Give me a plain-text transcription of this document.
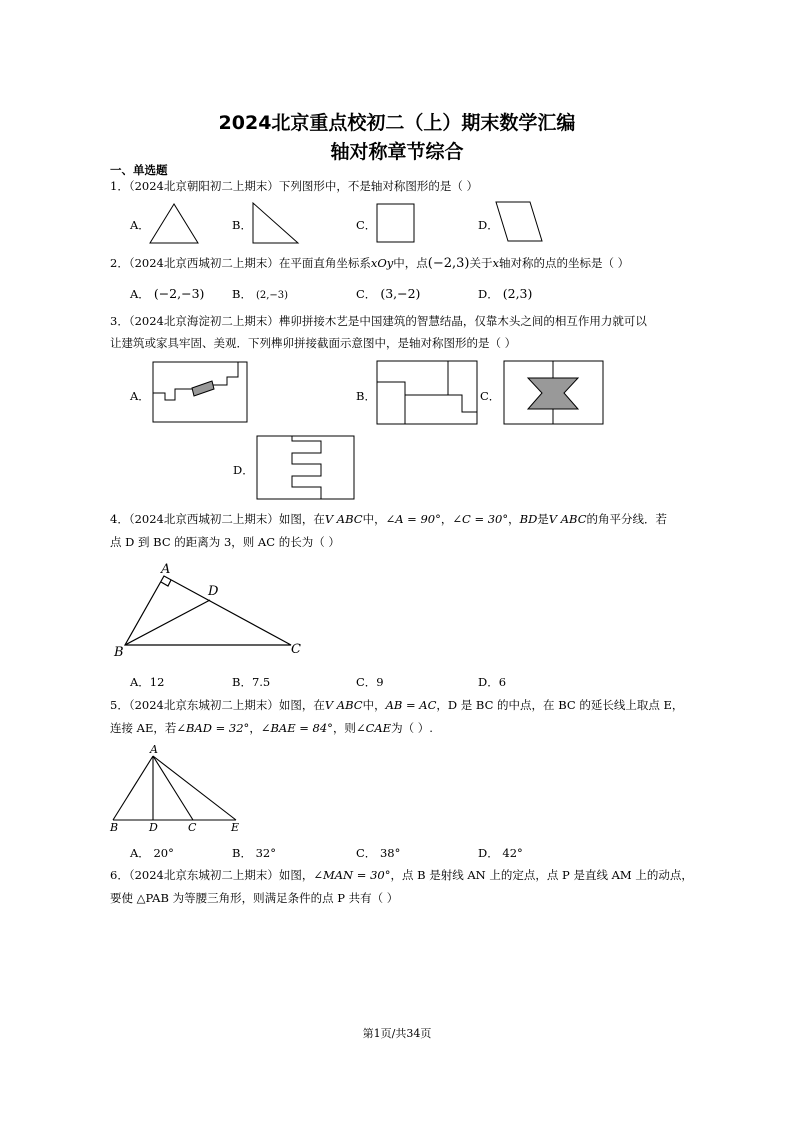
2024北京重点校初二（上）期末数学汇编
轴对称章节综合
一、单选题
1．（2024北京朝阳初二上期末）下列图形中，不是轴对称图形的是（ ）
A．	B．	C．	D．
2．（2024北京西城初二上期末）在平面直角坐标系xOy中，点(−2,3)关于x轴对称的点的坐标是（ ）
A． (−2,−3) B． (2,−3)	C． (3,−2)	D． (2,3)
3．（2024北京海淀初二上期末）榫卯拼接木艺是中国建筑的智慧结晶，仅靠木头之间的相互作用力就可以
让建筑或家具牢固、美观．下列榫卯拼接截面示意图中，是轴对称图形的是（ ）
A．	B．	C．
D．
4．（2024北京西城初二上期末）如图，在V ABC中，∠A = 90°，∠C = 30°，BD是V ABC的角平分线．若
点 D 到 BC 的距离为 3，则 AC 的长为（ ）
A
D
B	C
A．12	B．7.5	C．9	D．6
5．（2024北京东城初二上期末）如图，在V ABC中，AB = AC，D 是 BC 的中点，在 BC 的延长线上取点 E，
连接 AE，若∠BAD = 32°，∠BAE = 84°，则∠CAE为（ ）.
A
B	D	C	E
A． 20°	B． 32°	C． 38°	D． 42°
6．（2024北京东城初二上期末）如图，∠MAN = 30°，点 B 是射线 AN 上的定点，点 P 是直线 AM 上的动点，
要使 △PAB 为等腰三角形，则满足条件的点 P 共有（ ）
第1页/共34页
